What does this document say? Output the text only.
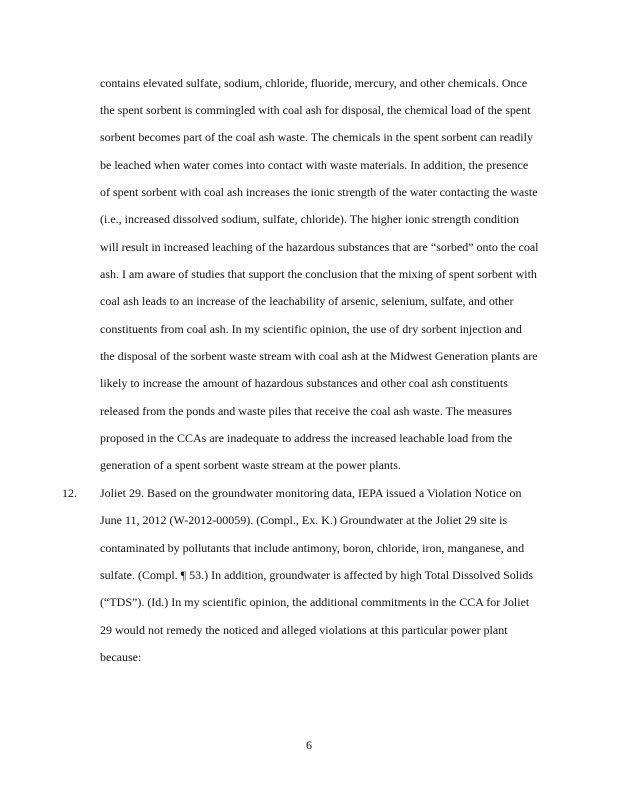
contains elevated sulfate, sodium, chloride, fluoride, mercury, and other chemicals. Once
the spent sorbent is commingled with coal ash for disposal, the chemical load of the spent
sorbent becomes part of the coal ash waste. The chemicals in the spent sorbent can readily
be leached when water comes into contact with waste materials. In addition, the presence
of spent sorbent with coal ash increases the ionic strength of the water contacting the waste
(i.e., increased dissolved sodium, sulfate, chloride). The higher ionic strength condition
will result in increased leaching of the hazardous substances that are “sorbed” onto the coal
ash. I am aware of studies that support the conclusion that the mixing of spent sorbent with
coal ash leads to an increase of the leachability of arsenic, selenium, sulfate, and other
constituents from coal ash. In my scientific opinion, the use of dry sorbent injection and
the disposal of the sorbent waste stream with coal ash at the Midwest Generation plants are
likely to increase the amount of hazardous substances and other coal ash constituents
released from the ponds and waste piles that receive the coal ash waste. The measures
proposed in the CCAs are inadequate to address the increased leachable load from the
generation of a spent sorbent waste stream at the power plants.
12. Joliet 29. Based on the groundwater monitoring data, IEPA issued a Violation Notice on
June 11, 2012 (W-2012-00059). (Compl., Ex. K.) Groundwater at the Joliet 29 site is
contaminated by pollutants that include antimony, boron, chloride, iron, manganese, and
sulfate. (Compl. ¶ 53.) In addition, groundwater is affected by high Total Dissolved Solids
(“TDS”). (Id.) In my scientific opinion, the additional commitments in the CCA for Joliet
29 would not remedy the noticed and alleged violations at this particular power plant
because:
6
